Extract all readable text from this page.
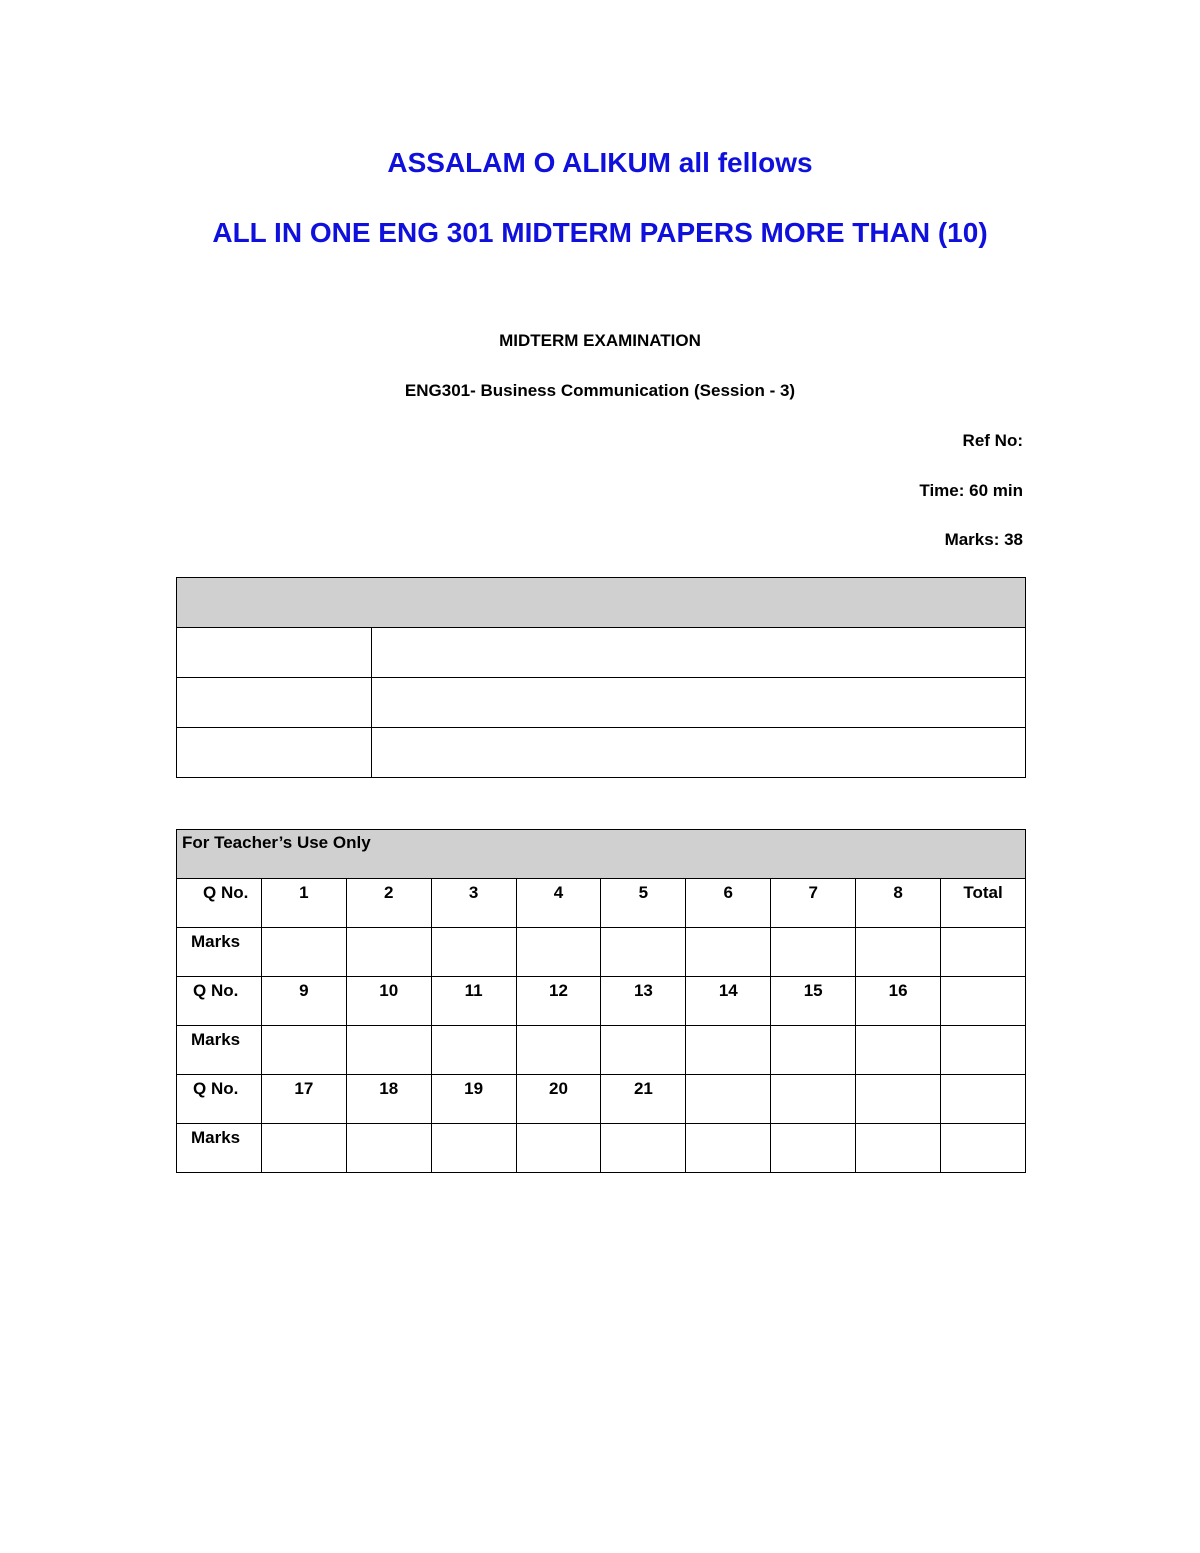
ASSALAM O ALIKUM all fellows
ALL IN ONE ENG 301 MIDTERM PAPERS MORE THAN (10)

MIDTERM EXAMINATION

ENG301- Business Communication (Session - 3)

Ref No:

Time: 60 min

Marks: 38

For Teacher’s Use Only									
Q No.	1	2	3	4	5	6	7	8	Total
Marks									
Q No.	9	10	11	12	13	14	15	16	
Marks									
Q No.	17	18	19	20	21				
Marks									
